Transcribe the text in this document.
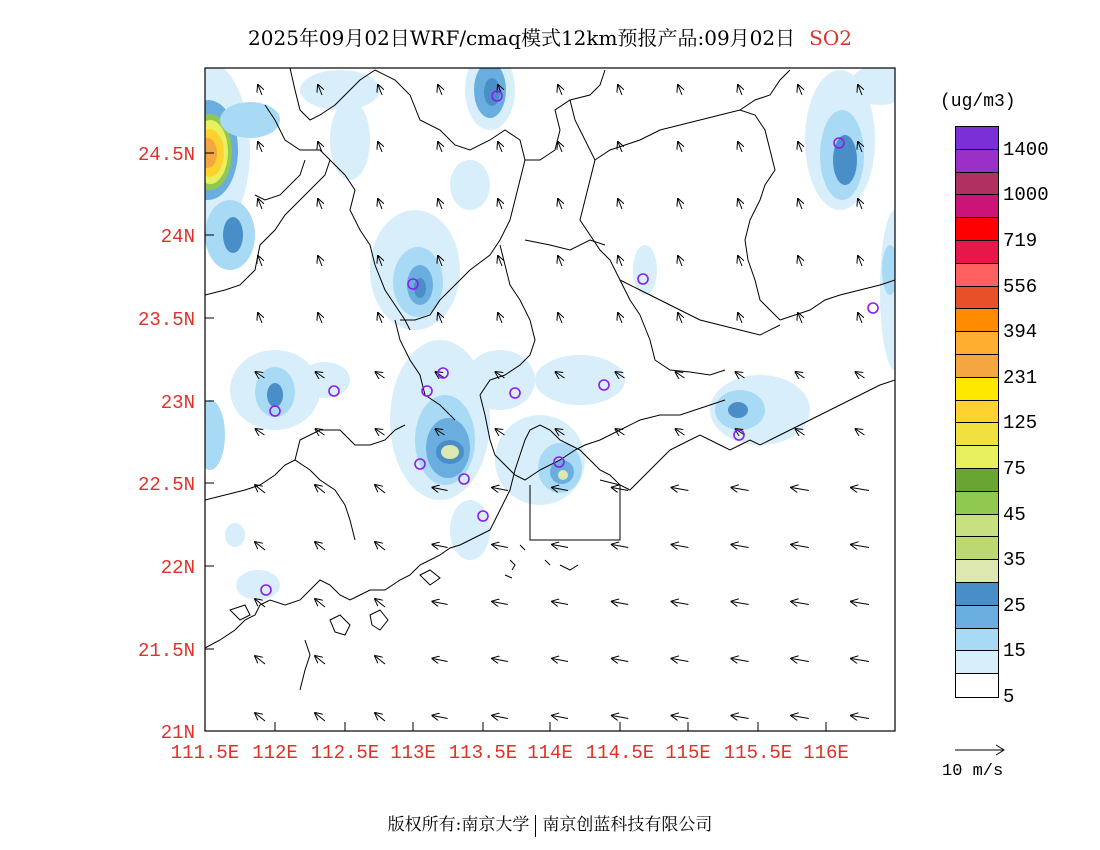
2025年09月02日WRF/cmaq模式12km预报产品:09月02日 SO2
24.5N
24N
23.5N
23N
22.5N
22N
21.5N
21N
111.5E 112E 112.5E 113E 113.5E 114E 114.5E 115E 115.5E 116E
(ug/m3)
1400
1000
719
556
394
231
125
75
45
35
25
15
5
10 m/s
版权所有:南京大学 南京创蓝科技有限公司
